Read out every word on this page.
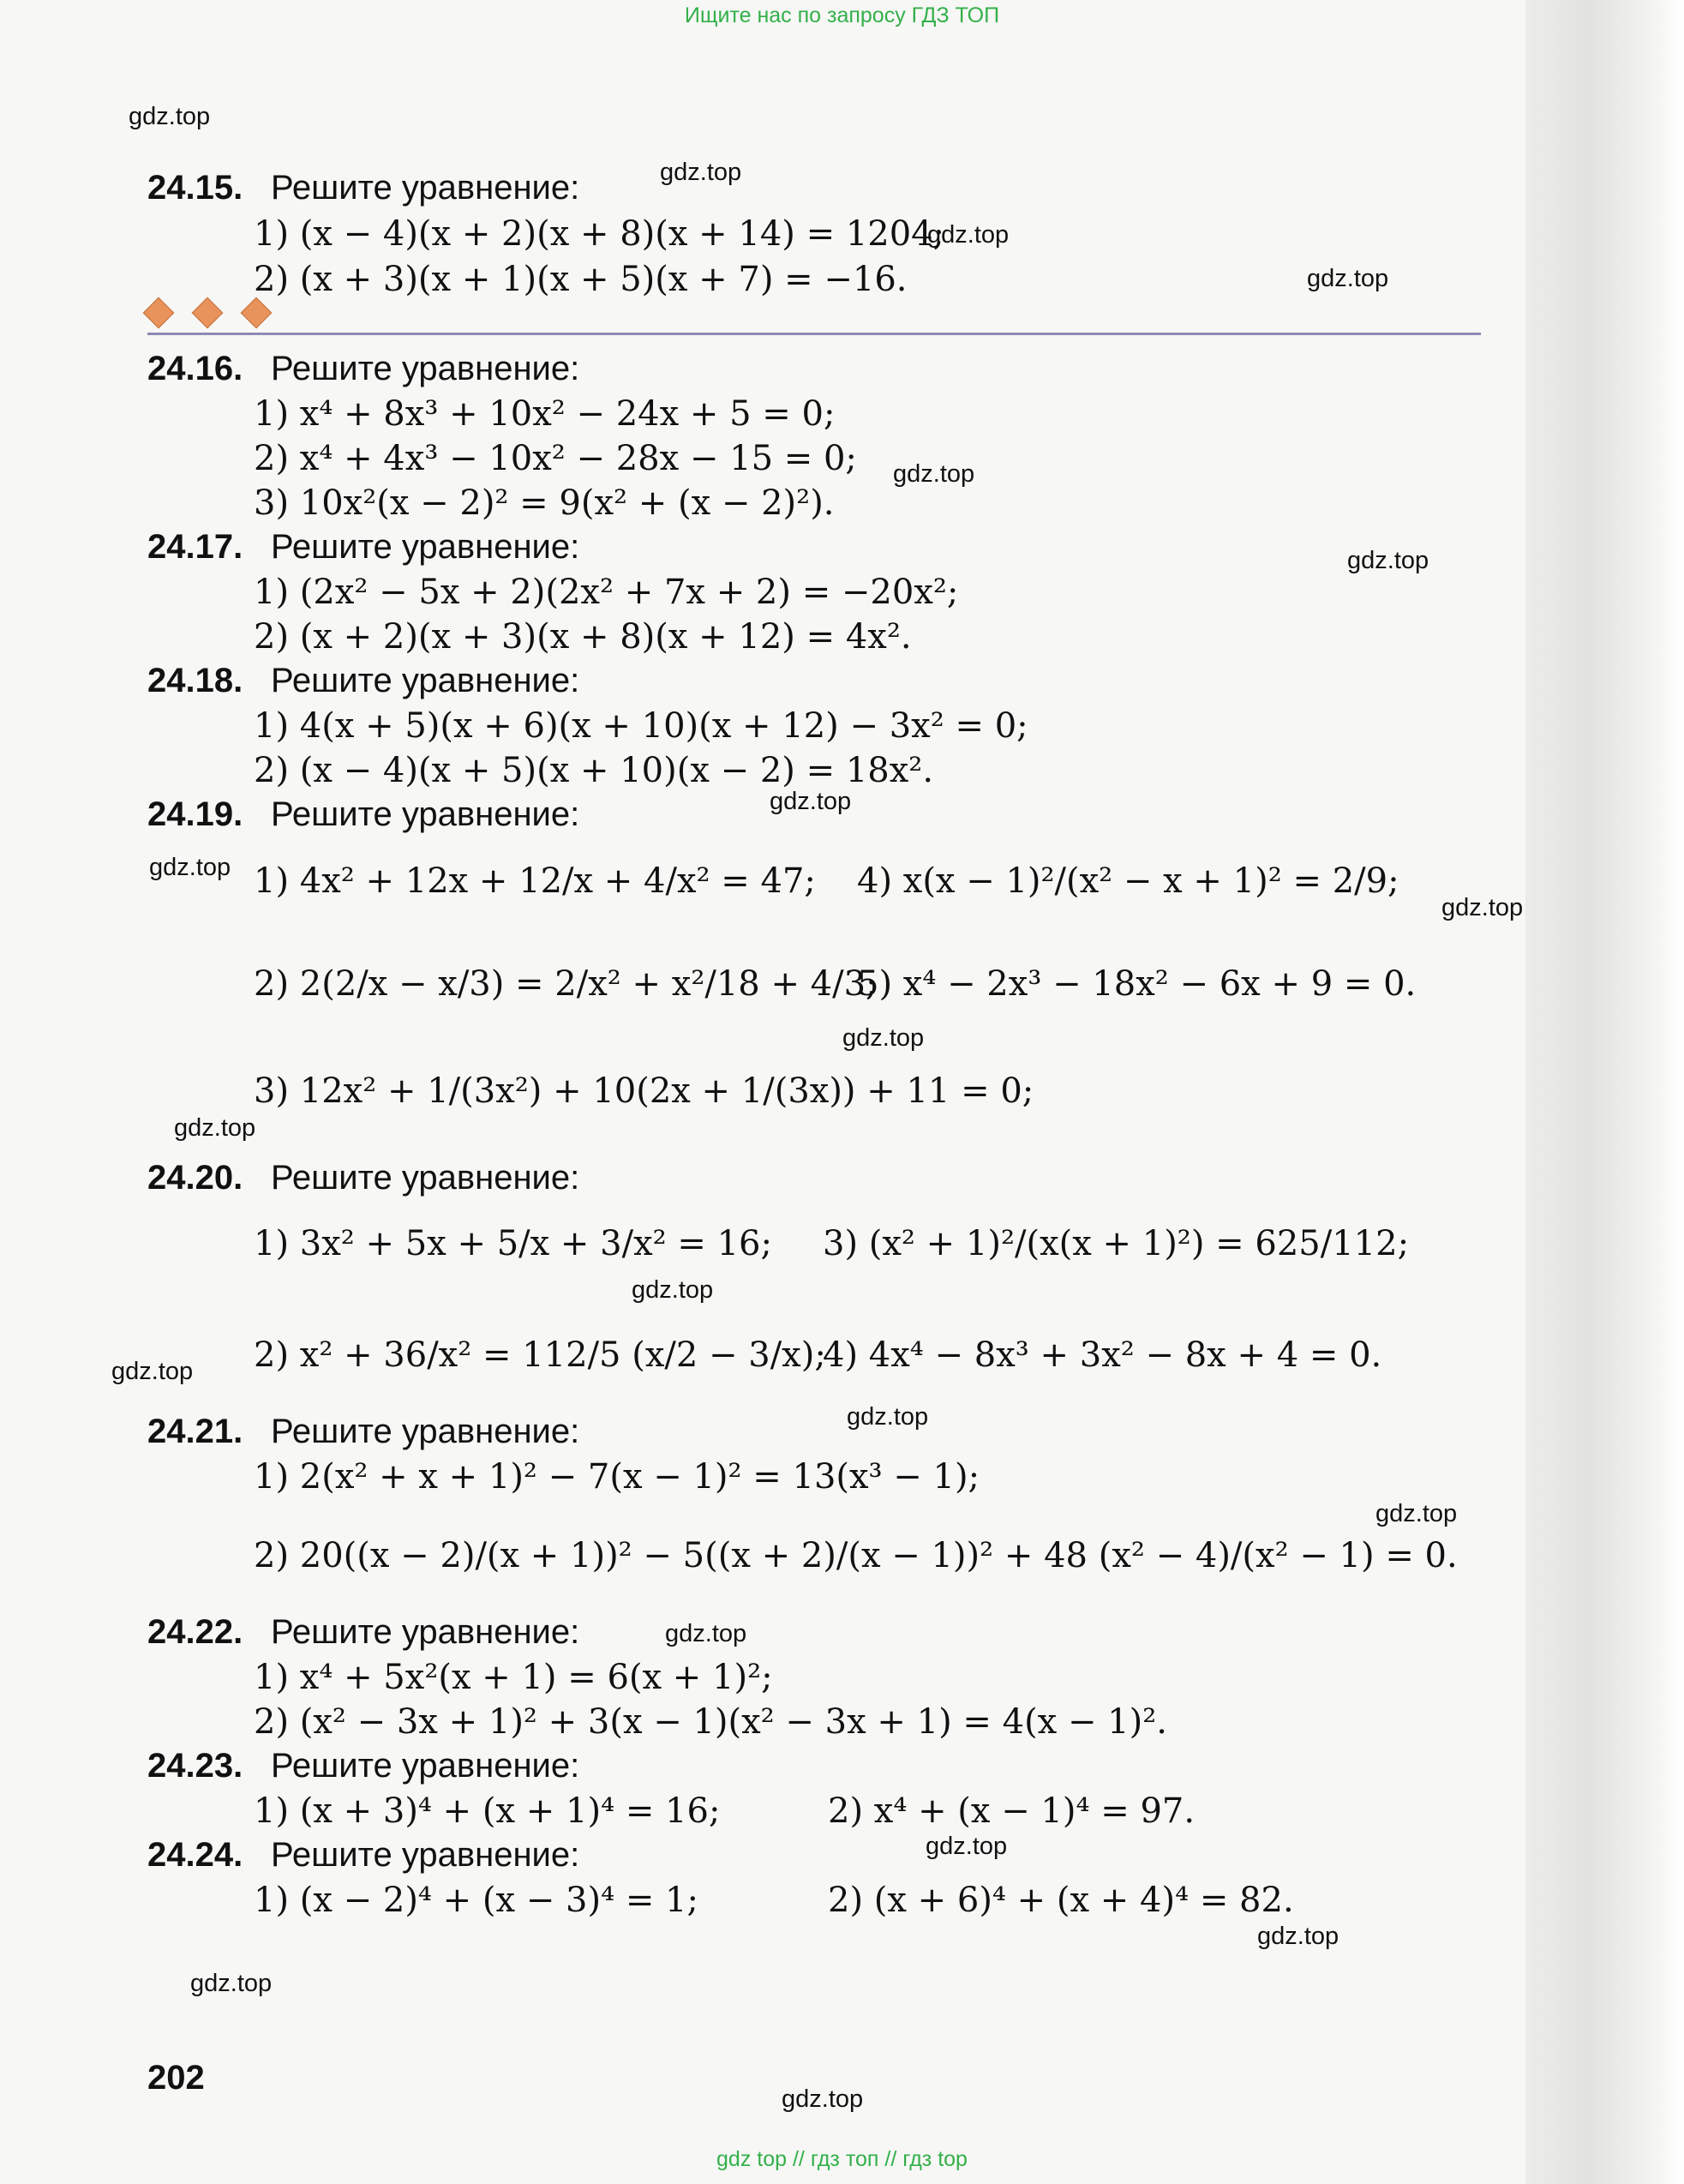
Ищите нас по запросу ГДЗ ТОП
gdz.top
gdz.top
gdz.top
gdz.top
gdz.top
gdz.top
gdz.top
gdz.top
gdz.top
gdz.top
gdz.top
gdz.top
gdz.top
gdz.top
gdz.top
gdz.top
gdz.top
gdz.top
gdz.top
gdz.top
24.15. Решите уравнение:
1) (x − 4)(x + 2)(x + 8)(x + 14) = 1204;
2) (x + 3)(x + 1)(x + 5)(x + 7) = −16.
24.16. Решите уравнение:
1) x⁴ + 8x³ + 10x² − 24x + 5 = 0;
2) x⁴ + 4x³ − 10x² − 28x − 15 = 0;
3) 10x²(x − 2)² = 9(x² + (x − 2)²).
24.17. Решите уравнение:
1) (2x² − 5x + 2)(2x² + 7x + 2) = −20x²;
2) (x + 2)(x + 3)(x + 8)(x + 12) = 4x².
24.18. Решите уравнение:
1) 4(x + 5)(x + 6)(x + 10)(x + 12) − 3x² = 0;
2) (x − 4)(x + 5)(x + 10)(x − 2) = 18x².
24.19. Решите уравнение:
1) 4x² + 12x + 12/x + 4/x² = 47; 4) x(x − 1)²/(x² − x + 1)² = 2/9;
2) 2(2/x − x/3) = 2/x² + x²/18 + 4/3;
5) x⁴ − 2x³ − 18x² − 6x + 9 = 0.
3) 12x² + 1/(3x²) + 10(2x + 1/(3x)) + 11 = 0;
24.20. Решите уравнение:
1) 3x² + 5x + 5/x + 3/x² = 16; 3) (x² + 1)²/(x(x + 1)²) = 625/112;
2) x² + 36/x² = 112/5 (x/2 − 3/x);
4) 4x⁴ − 8x³ + 3x² − 8x + 4 = 0.
24.21. Решите уравнение:
1) 2(x² + x + 1)² − 7(x − 1)² = 13(x³ − 1);
2) 20((x − 2)/(x + 1))² − 5((x + 2)/(x − 1))² + 48 (x² − 4)/(x² − 1) = 0.
24.22. Решите уравнение:
1) x⁴ + 5x²(x + 1) = 6(x + 1)²;
2) (x² − 3x + 1)² + 3(x − 1)(x² − 3x + 1) = 4(x − 1)².
24.23. Решите уравнение:
1) (x + 3)⁴ + (x + 1)⁴ = 16;	2) x⁴ + (x − 1)⁴ = 97.
24.24. Решите уравнение:
1) (x − 2)⁴ + (x − 3)⁴ = 1;	2) (x + 6)⁴ + (x + 4)⁴ = 82.
202
gdz top // гдз топ // гдз top
